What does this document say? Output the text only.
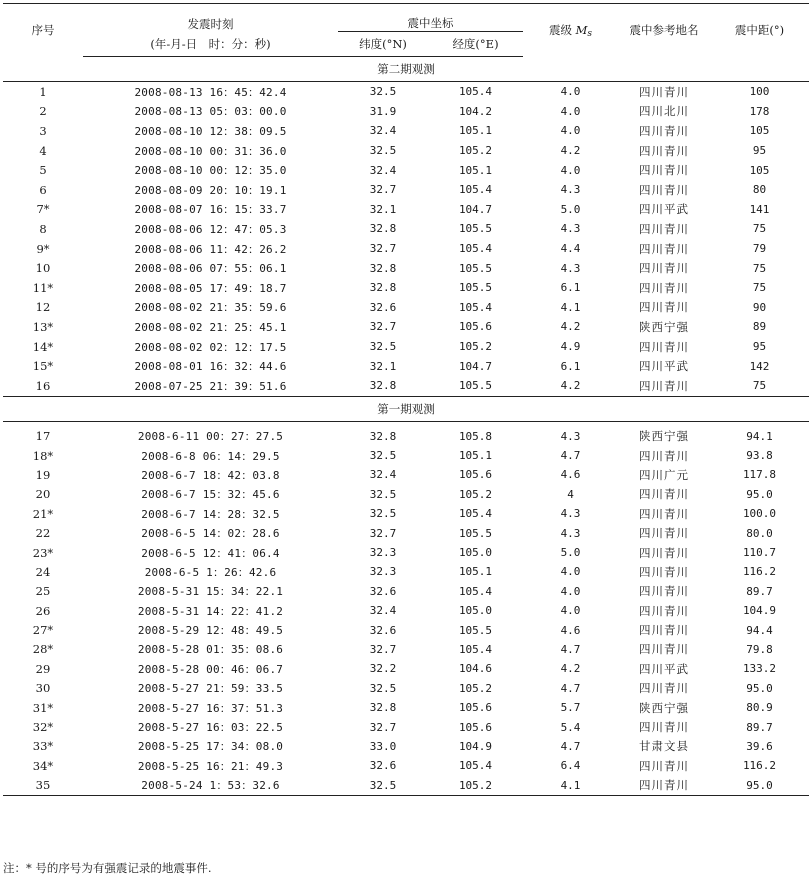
序号	发震时刻	震中坐标		震级 $M_s$	震中参考地名	震中距(°)
	(年-月-日　时：分：秒)	纬度(°N)	经度(°E)			
第二期观测						
1	2008-08-13 16：45：42.4	32.5	105.4	4.0	四川青川	100
2	2008-08-13 05：03：00.0	31.9	104.2	4.0	四川北川	178
3	2008-08-10 12：38：09.5	32.4	105.1	4.0	四川青川	105
4	2008-08-10 00：31：36.0	32.5	105.2	4.2	四川青川	95
5	2008-08-10 00：12：35.0	32.4	105.1	4.0	四川青川	105
6	2008-08-09 20：10：19.1	32.7	105.4	4.3	四川青川	80
7*	2008-08-07 16：15：33.7	32.1	104.7	5.0	四川平武	141
8	2008-08-06 12：47：05.3	32.8	105.5	4.3	四川青川	75
9*	2008-08-06 11：42：26.2	32.7	105.4	4.4	四川青川	79
10	2008-08-06 07：55：06.1	32.8	105.5	4.3	四川青川	75
11*	2008-08-05 17：49：18.7	32.8	105.5	6.1	四川青川	75
12	2008-08-02 21：35：59.6	32.6	105.4	4.1	四川青川	90
13*	2008-08-02 21：25：45.1	32.7	105.6	4.2	陕西宁强	89
14*	2008-08-02 02：12：17.5	32.5	105.2	4.9	四川青川	95
15*	2008-08-01 16：32：44.6	32.1	104.7	6.1	四川平武	142
16	2008-07-25 21：39：51.6	32.8	105.5	4.2	四川青川	75
第一期观测						
17	2008-6-11 00：27：27.5	32.8	105.8	4.3	陕西宁强	94.1
18*	2008-6-8 06：14：29.5	32.5	105.1	4.7	四川青川	93.8
19	2008-6-7 18：42：03.8	32.4	105.6	4.6	四川广元	117.8
20	2008-6-7 15：32：45.6	32.5	105.2	4	四川青川	95.0
21*	2008-6-7 14：28：32.5	32.5	105.4	4.3	四川青川	100.0
22	2008-6-5 14：02：28.6	32.7	105.5	4.3	四川青川	80.0
23*	2008-6-5 12：41：06.4	32.3	105.0	5.0	四川青川	110.7
24	2008-6-5 1：26：42.6	32.3	105.1	4.0	四川青川	116.2
25	2008-5-31 15：34：22.1	32.6	105.4	4.0	四川青川	89.7
26	2008-5-31 14：22：41.2	32.4	105.0	4.0	四川青川	104.9
27*	2008-5-29 12：48：49.5	32.6	105.5	4.6	四川青川	94.4
28*	2008-5-28 01：35：08.6	32.7	105.4	4.7	四川青川	79.8
29	2008-5-28 00：46：06.7	32.2	104.6	4.2	四川平武	133.2
30	2008-5-27 21：59：33.5	32.5	105.2	4.7	四川青川	95.0
31*	2008-5-27 16：37：51.3	32.8	105.6	5.7	陕西宁强	80.9
32*	2008-5-27 16：03：22.5	32.7	105.6	5.4	四川青川	89.7
33*	2008-5-25 17：34：08.0	33.0	104.9	4.7	甘肃文县	39.6
34*	2008-5-25 16：21：49.3	32.6	105.4	6.4	四川青川	116.2
35	2008-5-24 1：53：32.6	32.5	105.2	4.1	四川青川	95.0
注：* 号的序号为有强震记录的地震事件.
